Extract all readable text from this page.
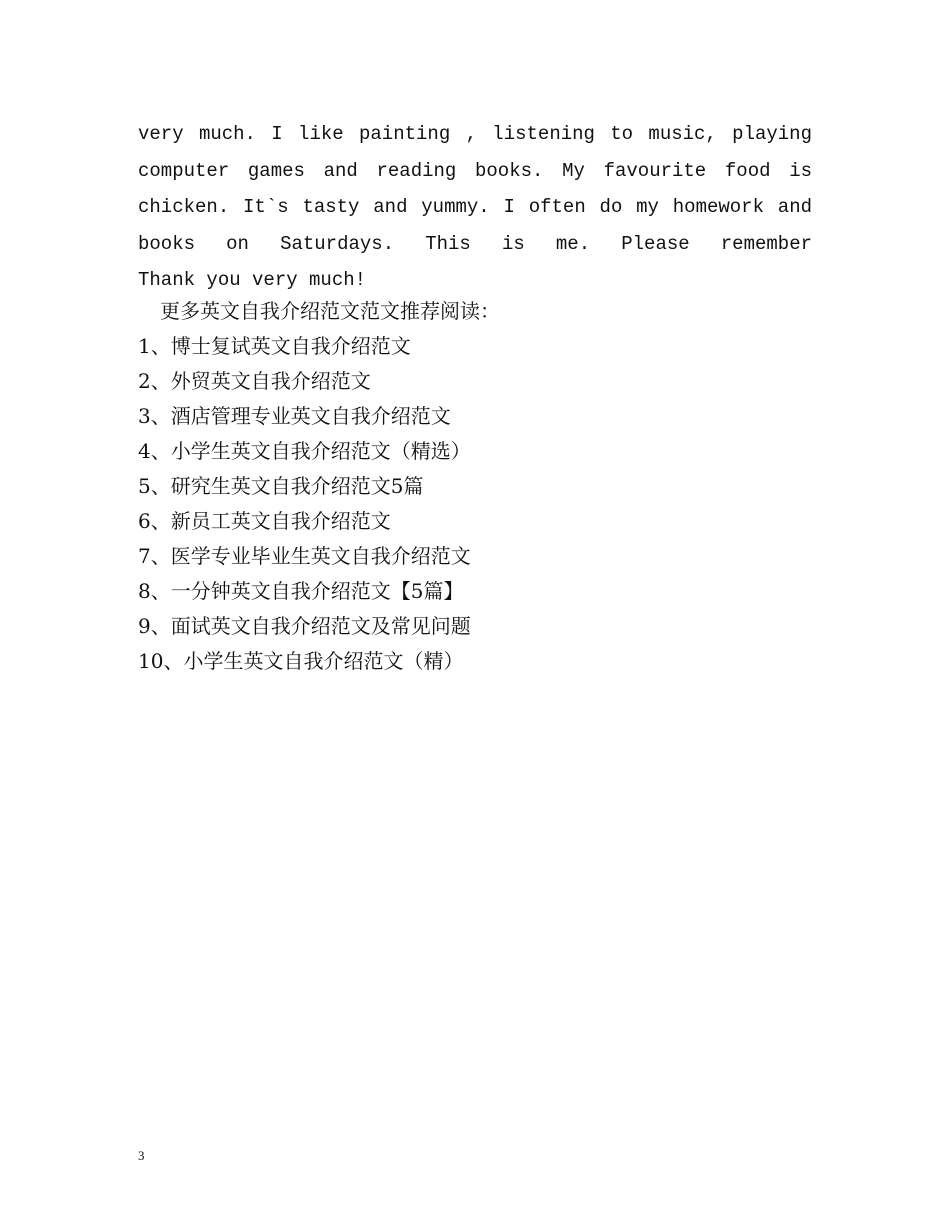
very much. I like painting , listening to music, playing
computer games and reading books. My favourite food is
chicken. It`s tasty and yummy. I often do my homework and
books on Saturdays. This is me. Please remember
Thank you very much!
更多英文自我介绍范文范文推荐阅读：
1、博士复试英文自我介绍范文
2、外贸英文自我介绍范文
3、酒店管理专业英文自我介绍范文
4、小学生英文自我介绍范文（精选）
5、研究生英文自我介绍范文5篇
6、新员工英文自我介绍范文
7、医学专业毕业生英文自我介绍范文
8、一分钟英文自我介绍范文【5篇】
9、面试英文自我介绍范文及常见问题
10、小学生英文自我介绍范文（精）
3
